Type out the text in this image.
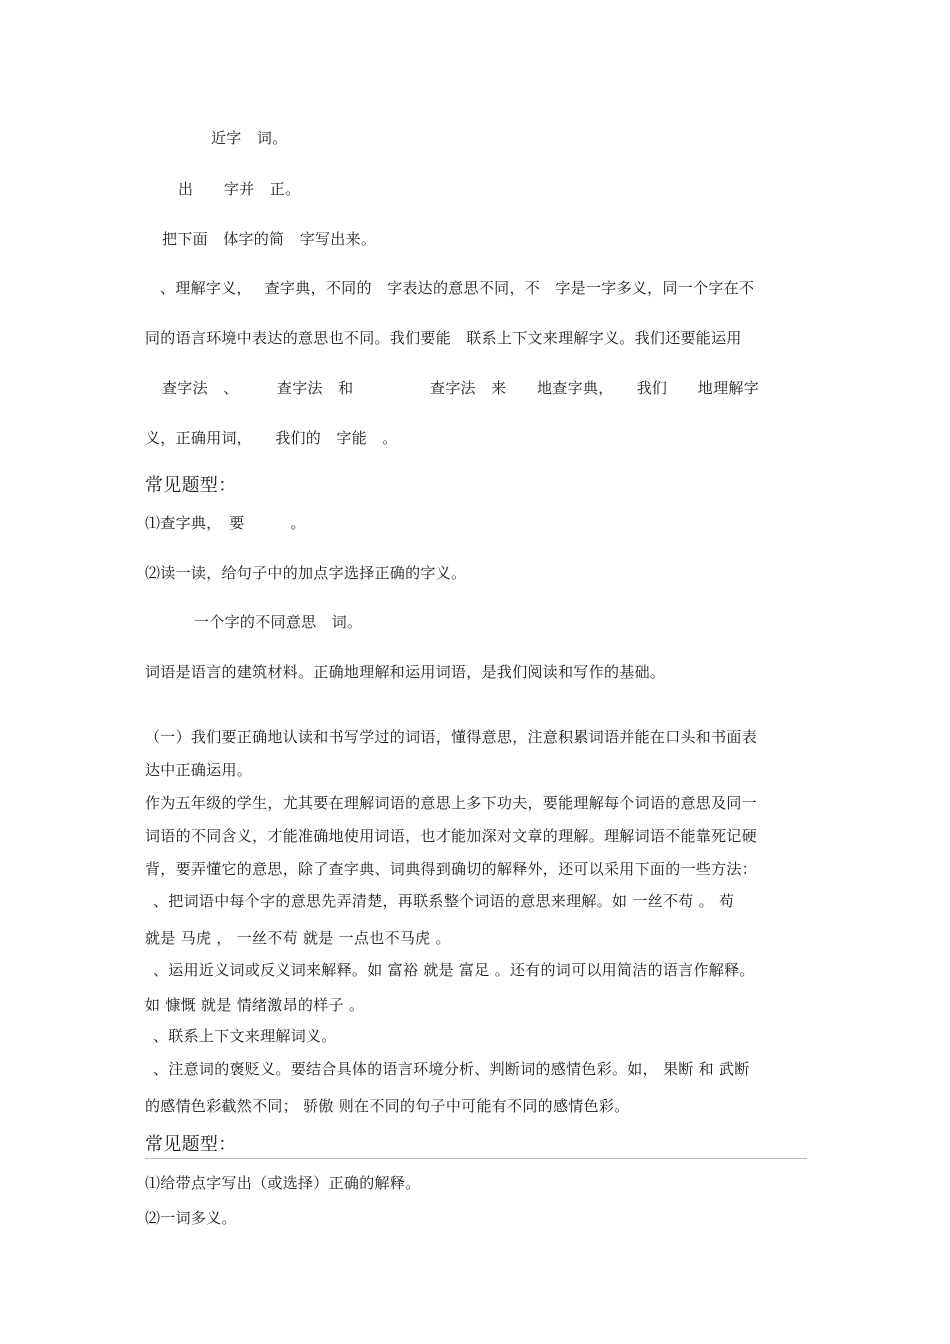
近字　词。
出　　字并　正。
把下面　体字的简　字写出来。
、理解字义，　 查字典，不同的　字表达的意思不同，不　字是一字多义，同一个字在不
同的语言环境中表达的意思也不同。我们要能　联系上下文来理解字义。我们还要能运用
查字法　、　　　查字法　和　　　　　查字法　来　　地查字典，　　我们　　地理解字
义，正确用词，　　我们的　字能　。
常见题型：
⑴查字典，　要　　　。
⑵读一读，给句子中的加点字选择正确的字义。
一个字的不同意思　词。
词语是语言的建筑材料。正确地理解和运用词语，是我们阅读和写作的基础。
（一）我们要正确地认读和书写学过的词语，懂得意思，注意积累词语并能在口头和书面表
达中正确运用。
作为五年级的学生，尤其要在理解词语的意思上多下功夫，要能理解每个词语的意思及同一
词语的不同含义，才能准确地使用词语，也才能加深对文章的理解。理解词语不能靠死记硬
背，要弄懂它的意思，除了查字典、词典得到确切的解释外，还可以采用下面的一些方法：
、把词语中每个字的意思先弄清楚，再联系整个词语的意思来理解。如 一丝不苟 。 苟
就是 马虎 ， 一丝不苟 就是 一点也不马虎 。
、运用近义词或反义词来解释。如 富裕 就是 富足 。还有的词可以用简洁的语言作解释。
如 慷慨 就是 情绪激昂的样子 。
、联系上下文来理解词义。
、注意词的褒贬义。要结合具体的语言环境分析、判断词的感情色彩。如， 果断 和 武断
的感情色彩截然不同； 骄傲 则在不同的句子中可能有不同的感情色彩。
常见题型：
⑴给带点字写出（或选择）正确的解释。
⑵一词多义。
